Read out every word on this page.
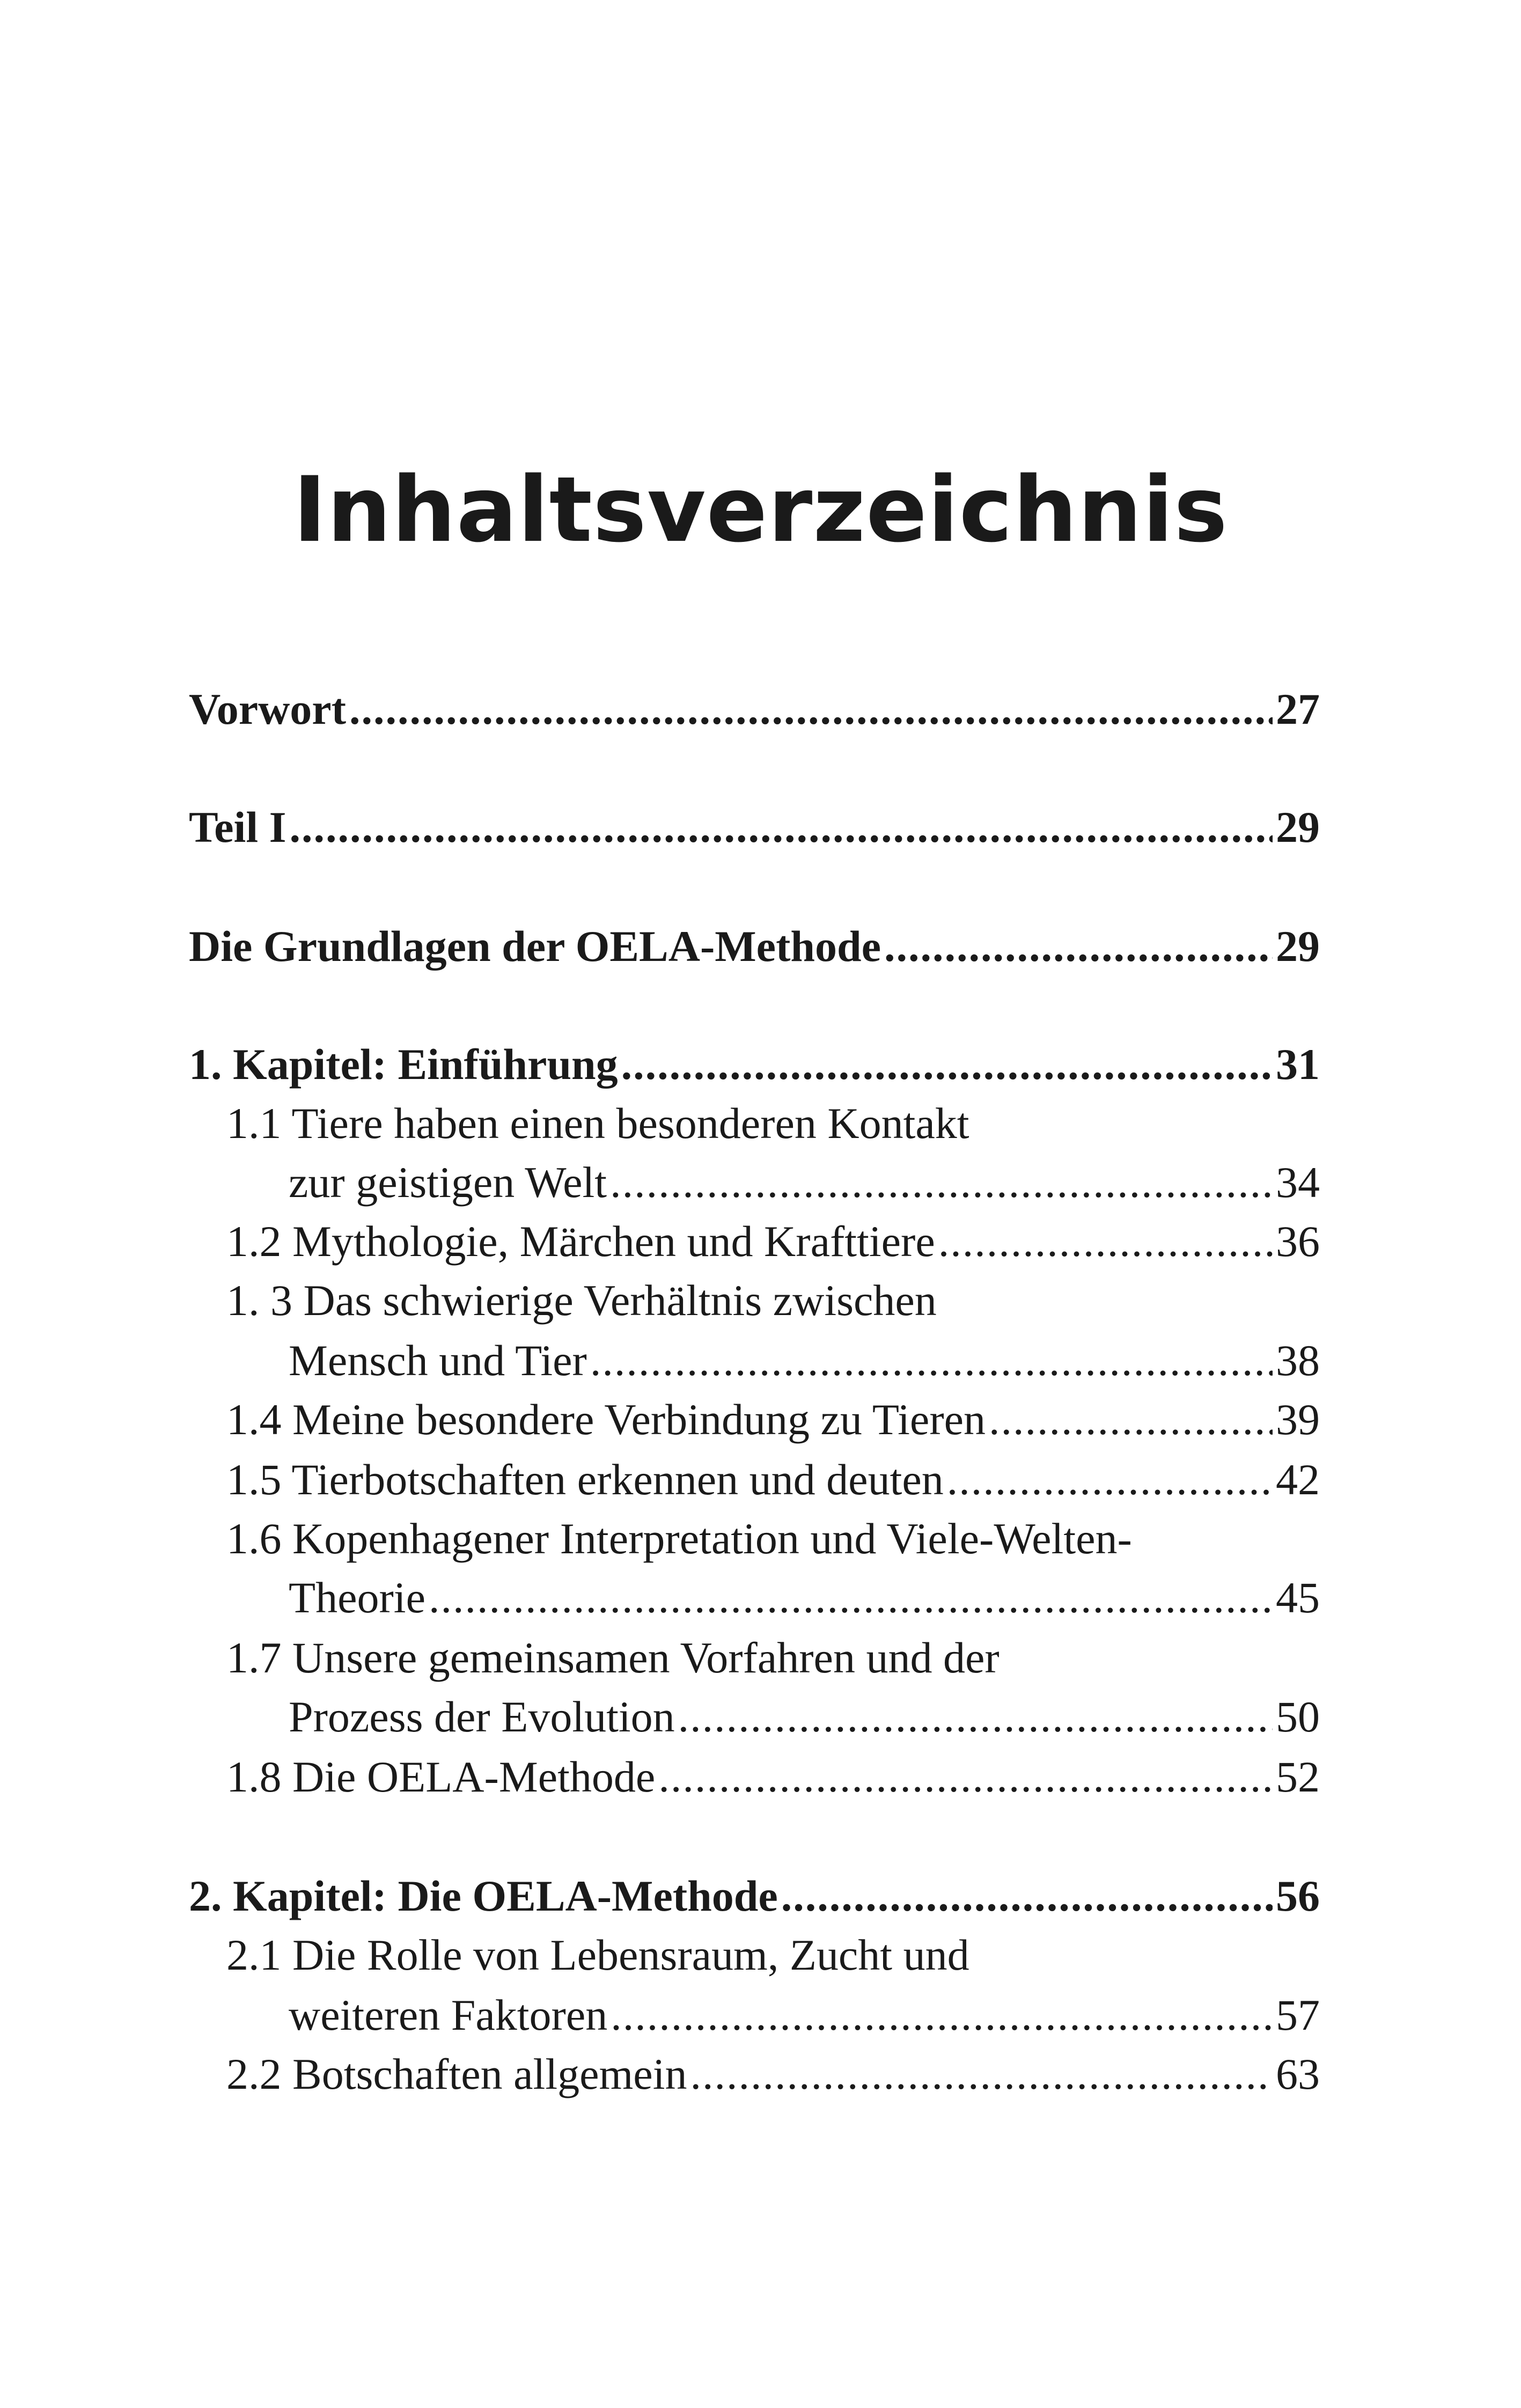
Inhaltsverzeichnis
Vorwort .....	27
Teil I .....	29
Die Grundlagen der OELA-Methode .....	29
1. Kapitel: Einführung .....	31
1.1 Tiere haben einen besonderen Kontakt
zur geistigen Welt .....	34
1.2 Mythologie, Märchen und Krafttiere .....	36
1. 3 Das schwierige Verhältnis zwischen
Mensch und Tier .....	38
1.4 Meine besondere Verbindung zu Tieren .....	39
1.5 Tierbotschaften erkennen und deuten .....	42
1.6 Kopenhagener Interpretation und Viele-Welten-
Theorie .....	45
1.7 Unsere gemeinsamen Vorfahren und der
Prozess der Evolution .....	50
1.8 Die OELA-Methode .....	52
2. Kapitel: Die OELA-Methode .....	56
2.1 Die Rolle von Lebensraum, Zucht und
weiteren Faktoren .....	57
2.2 Botschaften allgemein .....	63
